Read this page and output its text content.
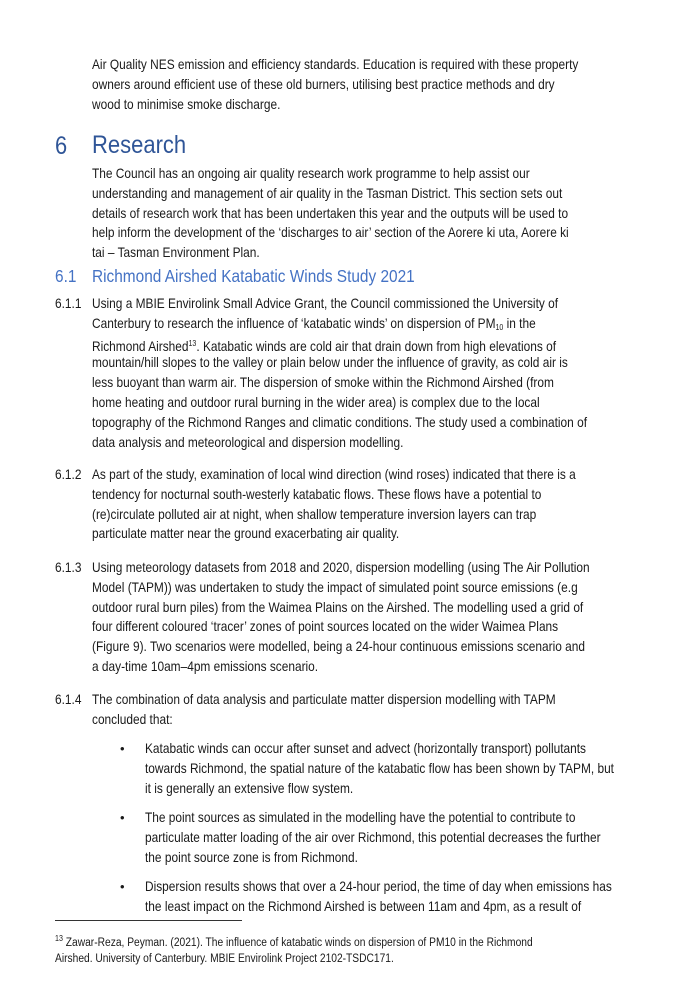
Air Quality NES emission and efficiency standards. Education is required with these property
owners around efficient use of these old burners, utilising best practice methods and dry
wood to minimise smoke discharge.
6 Research
The Council has an ongoing air quality research work programme to help assist our
understanding and management of air quality in the Tasman District. This section sets out
details of research work that has been undertaken this year and the outputs will be used to
help inform the development of the ‘discharges to air’ section of the Aorere ki uta, Aorere ki
tai – Tasman Environment Plan.
6.1 Richmond Airshed Katabatic Winds Study 2021
6.1.1 Using a MBIE Envirolink Small Advice Grant, the Council commissioned the University of
Canterbury to research the influence of ‘katabatic winds’ on dispersion of $PM_{10}$ in the
Richmond Airshed$^{13}$. Katabatic winds are cold air that drain down from high elevations of
mountain/hill slopes to the valley or plain below under the influence of gravity, as cold air is
less buoyant than warm air. The dispersion of smoke within the Richmond Airshed (from
home heating and outdoor rural burning in the wider area) is complex due to the local
topography of the Richmond Ranges and climatic conditions. The study used a combination of
data analysis and meteorological and dispersion modelling.
6.1.2 As part of the study, examination of local wind direction (wind roses) indicated that there is a
tendency for nocturnal south-westerly katabatic flows. These flows have a potential to
(re)circulate polluted air at night, when shallow temperature inversion layers can trap
particulate matter near the ground exacerbating air quality.
6.1.3 Using meteorology datasets from 2018 and 2020, dispersion modelling (using The Air Pollution
Model (TAPM)) was undertaken to study the impact of simulated point source emissions (e.g
outdoor rural burn piles) from the Waimea Plains on the Airshed. The modelling used a grid of
four different coloured ‘tracer’ zones of point sources located on the wider Waimea Plans
(Figure 9). Two scenarios were modelled, being a 24-hour continuous emissions scenario and
a day-time 10am–4pm emissions scenario.
6.1.4 The combination of data analysis and particulate matter dispersion modelling with TAPM
concluded that:
• Katabatic winds can occur after sunset and advect (horizontally transport) pollutants
towards Richmond, the spatial nature of the katabatic flow has been shown by TAPM, but
it is generally an extensive flow system.
• The point sources as simulated in the modelling have the potential to contribute to
particulate matter loading of the air over Richmond, this potential decreases the further
the point source zone is from Richmond.
• Dispersion results shows that over a 24-hour period, the time of day when emissions has
the least impact on the Richmond Airshed is between 11am and 4pm, as a result of
$^{13}$ Zawar-Reza, Peyman. (2021). The influence of katabatic winds on dispersion of PM10 in the Richmond
Airshed. University of Canterbury. MBIE Envirolink Project 2102-TSDC171.
